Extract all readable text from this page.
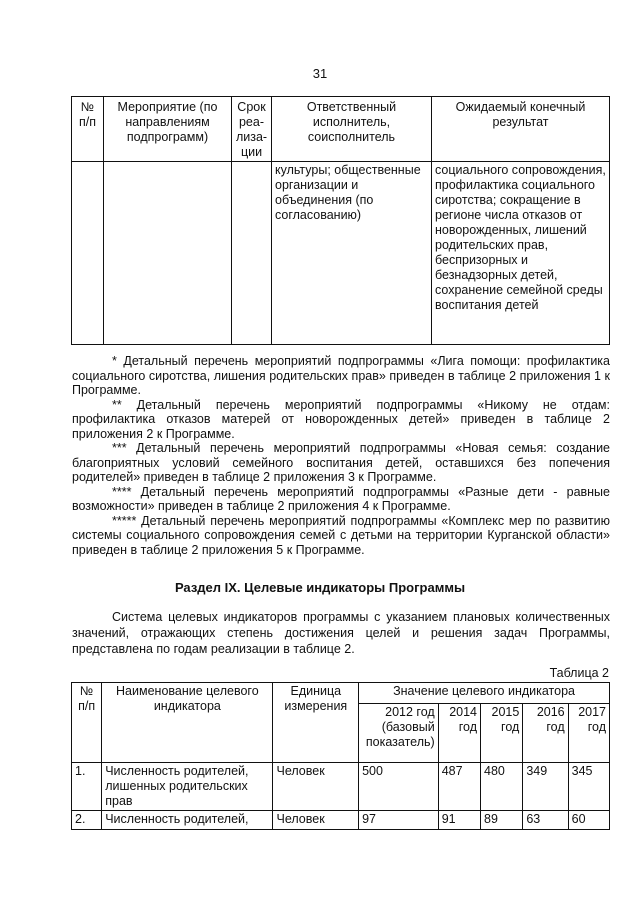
31
№ п/п	Мероприятие (по направлениям подпрограмм)	Срок реа-лиза-ции	Ответственный исполнитель, соисполнитель	Ожидаемый конечный результат
			культуры; общественные организации и объединения (по согласованию)	социального сопровождения, профилактика социального сиротства; сокращение в регионе числа отказов от новорожденных, лишений родительских прав, беспризорных и безнадзорных детей, сохранение семейной среды воспитания детей

* Детальный перечень мероприятий подпрограммы «Лига помощи: профилактика социального сиротства, лишения родительских прав» приведен в таблице 2 приложения 1 к Программе.

** Детальный перечень мероприятий подпрограммы «Никому не отдам: профилактика отказов матерей от новорожденных детей» приведен в таблице 2 приложения 2 к Программе.

*** Детальный перечень мероприятий подпрограммы «Новая семья: создание благоприятных условий семейного воспитания детей, оставшихся без попечения родителей» приведен в таблице 2 приложения 3 к Программе.

**** Детальный перечень мероприятий подпрограммы «Разные дети - равные возможности» приведен в таблице 2 приложения 4 к Программе.

***** Детальный перечень мероприятий подпрограммы «Комплекс мер по развитию системы социального сопровождения семей с детьми на территории Курганской области» приведен в таблице 2 приложения 5 к Программе.

Раздел IX. Целевые индикаторы Программы

Система целевых индикаторов программы с указанием плановых количественных значений, отражающих степень достижения целей и решения задач Программы, представлена по годам реализации в таблице 2.

Таблица 2
№ п/п	Наименование целевого индикатора	Единица измерения	Значение целевого индикатора				
			2012 год (базовый показатель)	2014 год	2015 год	2016 год	2017 год
1.	Численность родителей, лишенных родительских прав	Человек	500	487	480	349	345
2.	Численность родителей,	Человек	97	91	89	63	60
